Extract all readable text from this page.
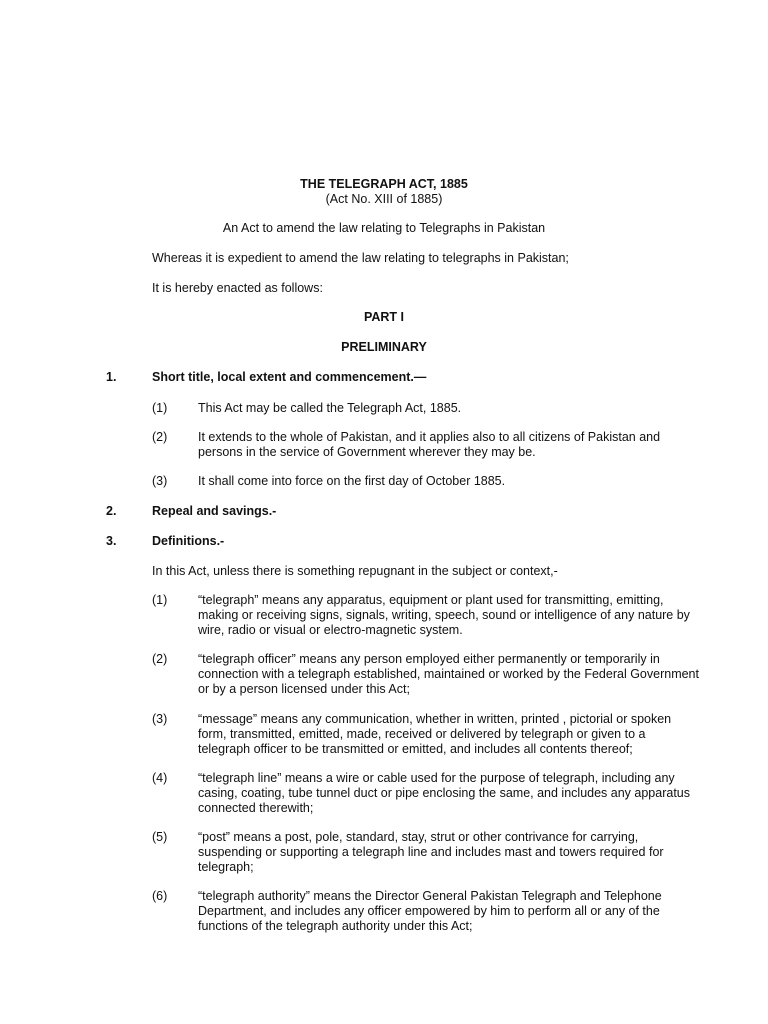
THE TELEGRAPH ACT, 1885
(Act No. XIII of 1885)
An Act to amend the law relating to Telegraphs in Pakistan
Whereas it is expedient to amend the law relating to telegraphs in Pakistan;
It is hereby enacted as follows:
PART I
PRELIMINARY
1.	Short title, local extent and commencement.—
(1) This Act may be called the Telegraph Act, 1885.
(2) It extends to the whole of Pakistan, and it applies also to all citizens of Pakistan and persons in the service of Government wherever they may be.
(3) It shall come into force on the first day of October 1885.
2.	Repeal and savings.-
3.	Definitions.-
In this Act, unless there is something repugnant in the subject or context,-
(1) “telegraph” means any apparatus, equipment or plant used for transmitting, emitting, making or receiving signs, signals, writing, speech, sound or intelligence of any nature by wire, radio or visual or electro-magnetic system.
(2) “telegraph officer” means any person employed either permanently or temporarily in connection with a telegraph established, maintained or worked by the Federal Government or by a person licensed under this Act;
(3) “message” means any communication, whether in written, printed , pictorial or spoken form, transmitted, emitted, made, received or delivered by telegraph or given to a telegraph officer to be transmitted or emitted, and includes all contents thereof;
(4) “telegraph line” means a wire or cable used for the purpose of telegraph, including any casing, coating, tube tunnel duct or pipe enclosing the same, and includes any apparatus connected therewith;
(5) “post” means a post, pole, standard, stay, strut or other contrivance for carrying, suspending or supporting a telegraph line and includes mast and towers required for telegraph;
(6) “telegraph authority” means the Director General Pakistan Telegraph and Telephone Department, and includes any officer empowered by him to perform all or any of the functions of the telegraph authority under this Act;
